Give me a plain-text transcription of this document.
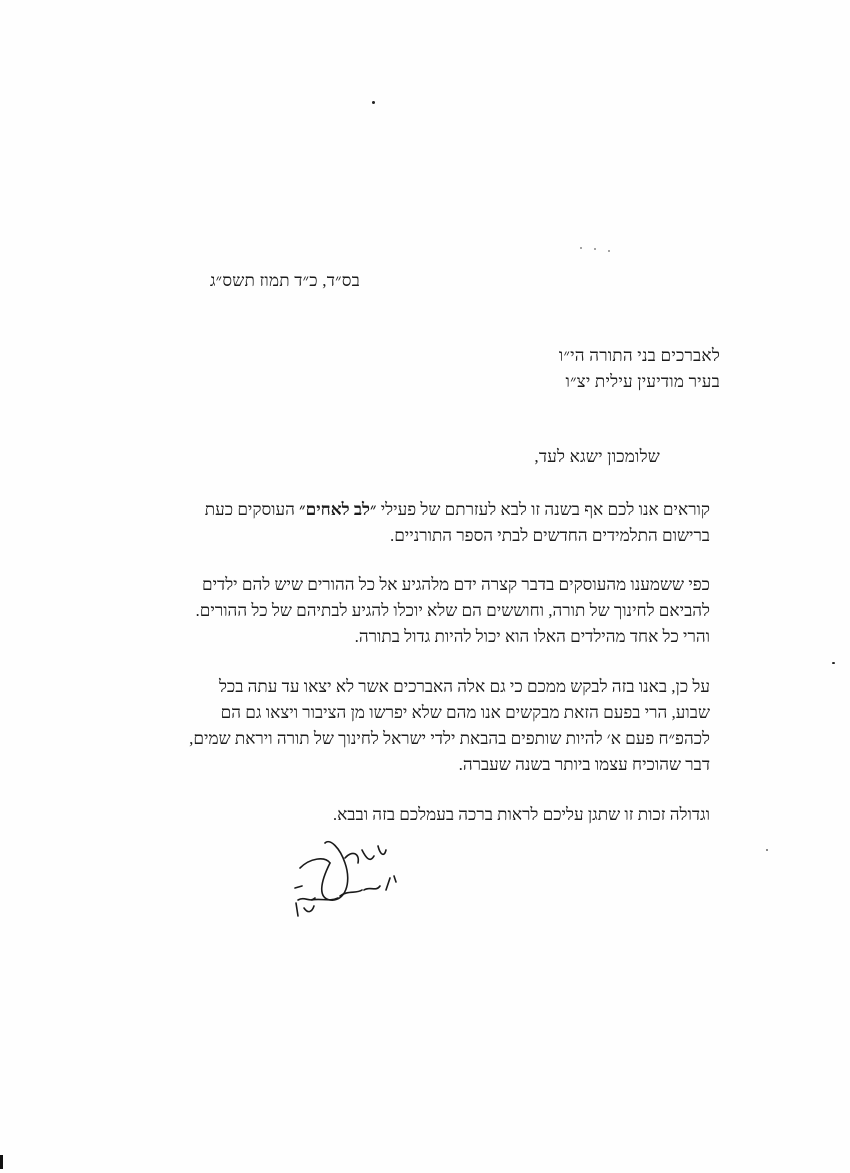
בס״ד, כ״ד תמוז תשס״ג
לאברכים בני התורה הי״ו
בעיר מודיעין עילית יצ״ו
שלומכון ישגא לעד,
קוראים אנו לכם אף בשנה זו לבא לעזרתם של פעילי ״לב לאחים״ העוסקים כעת
ברישום התלמידים החדשים לבתי הספר התורניים.
כפי ששמענו מהעוסקים בדבר קצרה ידם מלהגיע אל כל ההורים שיש להם ילדים
להביאם לחינוך של תורה, וחוששים הם שלא יוכלו להגיע לבתיהם של כל ההורים.
והרי כל אחד מהילדים האלו הוא יכול להיות גדול בתורה.
על כן, באנו בזה לבקש ממכם כי גם אלה האברכים אשר לא יצאו עד עתה בכל
שבוע, הרי בפעם הזאת מבקשים אנו מהם שלא יפרשו מן הציבור ויצאו גם הם
לכהפ״ח פעם א׳ להיות שותפים בהבאת ילדי ישראל לחינוך של תורה ויראת שמים,
דבר שהוכיח עצמו ביותר בשנה שעברה.
וגדולה זכות זו שתגן עליכם לראות ברכה בעמלכם בזה ובבא.
